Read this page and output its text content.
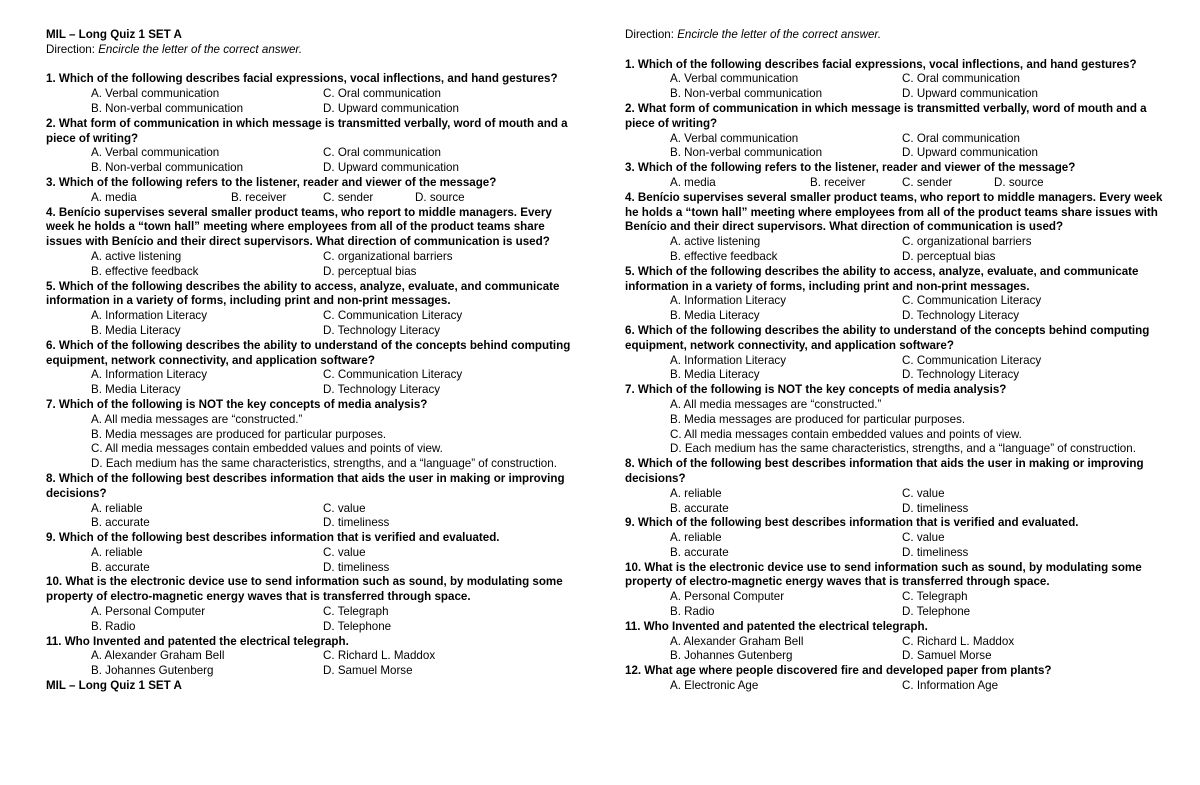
MIL – Long Quiz 1 SET A
Direction: Encircle the letter of the correct answer.
1. Which of the following describes facial expressions, vocal inflections, and hand gestures?
A. Verbal communication	C. Oral communication
B. Non-verbal communication	D. Upward communication
2. What form of communication in which message is transmitted verbally, word of mouth and a piece of writing?
A. Verbal communication	C. Oral communication
B. Non-verbal communication	D. Upward communication
3. Which of the following refers to the listener, reader and viewer of the message?
A. media	B. receiver	C. sender	D. source
4. Benício supervises several smaller product teams, who report to middle managers. Every week he holds a “town hall” meeting where employees from all of the product teams share issues with Benício and their direct supervisors. What direction of communication is used?
A. active listening	C. organizational barriers
B. effective feedback	D. perceptual bias
5. Which of the following describes the ability to access, analyze, evaluate, and communicate information in a variety of forms, including print and non-print messages.
A. Information Literacy	C. Communication Literacy
B. Media Literacy	D. Technology Literacy
6. Which of the following describes the ability to understand of the concepts behind computing equipment, network connectivity, and application software?
A. Information Literacy	C. Communication Literacy
B. Media Literacy	D. Technology Literacy
7. Which of the following is NOT the key concepts of media analysis?
A. All media messages are “constructed.”
B. Media messages are produced for particular purposes.
C. All media messages contain embedded values and points of view.
D. Each medium has the same characteristics, strengths, and a “language” of construction.
8. Which of the following best describes information that aids the user in making or improving decisions?
A. reliable	C. value
B. accurate	D. timeliness
9. Which of the following best describes information that is verified and evaluated.
A. reliable	C. value
B. accurate	D. timeliness
10. What is the electronic device use to send information such as sound, by modulating some property of electro-magnetic energy waves that is transferred through space.
A. Personal Computer	C. Telegraph
B. Radio	D. Telephone
11. Who Invented and patented the electrical telegraph.
A. Alexander Graham Bell	C. Richard L. Maddox
B. Johannes Gutenberg	D. Samuel Morse
MIL – Long Quiz 1 SET A
Direction: Encircle the letter of the correct answer.
1. Which of the following describes facial expressions, vocal inflections, and hand gestures?
A. Verbal communication	C. Oral communication
B. Non-verbal communication	D. Upward communication
2. What form of communication in which message is transmitted verbally, word of mouth and a piece of writing?
A. Verbal communication	C. Oral communication
B. Non-verbal communication	D. Upward communication
3. Which of the following refers to the listener, reader and viewer of the message?
A. media	B. receiver	C. sender	D. source
4. Benício supervises several smaller product teams, who report to middle managers. Every week he holds a “town hall” meeting where employees from all of the product teams share issues with Benício and their direct supervisors. What direction of communication is used?
A. active listening	C. organizational barriers
B. effective feedback	D. perceptual bias
5. Which of the following describes the ability to access, analyze, evaluate, and communicate information in a variety of forms, including print and non-print messages.
A. Information Literacy	C. Communication Literacy
B. Media Literacy	D. Technology Literacy
6. Which of the following describes the ability to understand of the concepts behind computing equipment, network connectivity, and application software?
A. Information Literacy	C. Communication Literacy
B. Media Literacy	D. Technology Literacy
7. Which of the following is NOT the key concepts of media analysis?
A. All media messages are “constructed.”
B. Media messages are produced for particular purposes.
C. All media messages contain embedded values and points of view.
D. Each medium has the same characteristics, strengths, and a “language” of construction.
8. Which of the following best describes information that aids the user in making or improving decisions?
A. reliable	C. value
B. accurate	D. timeliness
9. Which of the following best describes information that is verified and evaluated.
A. reliable	C. value
B. accurate	D. timeliness
10. What is the electronic device use to send information such as sound, by modulating some property of electro-magnetic energy waves that is transferred through space.
A. Personal Computer	C. Telegraph
B. Radio	D. Telephone
11. Who Invented and patented the electrical telegraph.
A. Alexander Graham Bell	C. Richard L. Maddox
B. Johannes Gutenberg	D. Samuel Morse
12. What age where people discovered fire and developed paper from plants?
A. Electronic Age	C. Information Age
